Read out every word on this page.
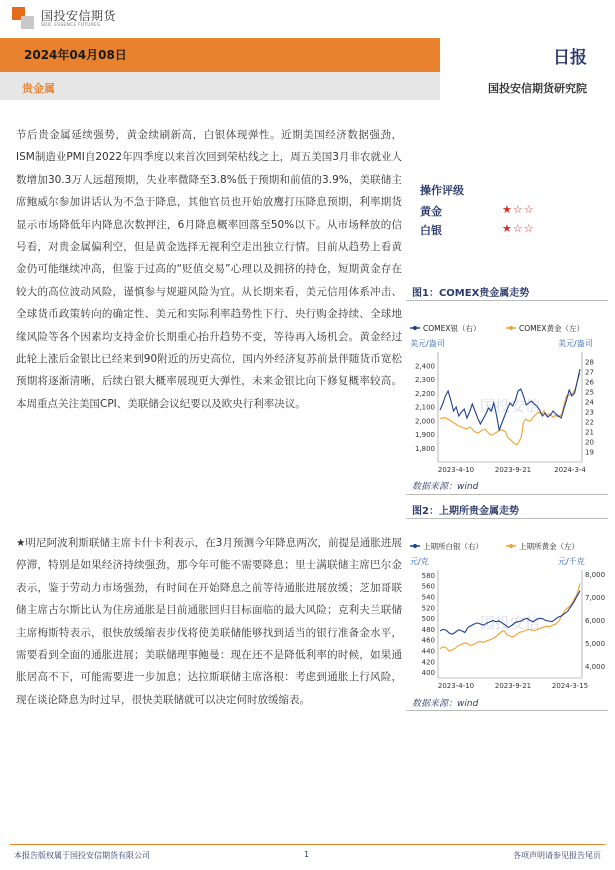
国投安信期货
SDIC ESSENCE FUTURES
2024年04月08日
贵金属
日报
国投安信期货研究院
节后贵金属延续强势，黄金续刷新高，白银体现弹性。近期美国经济数据强劲，ISM制造业PMI自2022年四季度以来首次回到荣枯线之上，周五美国3月非农就业人数增加30.3万人远超预期，失业率微降至3.8%低于预期和前值的3.9%，美联储主席鲍威尔参加讲话认为不急于降息，其他官员也开始放鹰打压降息预期，利率期货显示市场降低年内降息次数押注，6月降息概率回落至50%以下。从市场释放的信号看，对贵金属偏利空，但是黄金选择无视利空走出独立行情。目前从趋势上看黄金仍可能继续冲高，但鉴于过高的“贬值交易”心理以及拥挤的持仓，短期黄金存在较大的高位波动风险，谨慎参与规避风险为宜。从长期来看，美元信用体系冲击、全球货币政策转向的确定性、美元和实际利率趋势性下行、央行购金持续、全球地缘风险等各个因素均支持金价长期重心抬升趋势不变，等待再入场机会。黄金经过此轮上涨后金银比已经来到90附近的历史高位，国内外经济复苏前景伴随货币宽松预期将逐渐清晰，后续白银大概率展现更大弹性，未来金银比向下修复概率较高。本周重点关注美国CPI、美联储会议纪要以及欧央行利率决议。
★明尼阿波利斯联储主席卡什卡利表示，在3月预测今年降息两次，前提是通胀进展停滞，特别是如果经济持续强劲，那今年可能不需要降息；里士满联储主席巴尔金表示，鉴于劳动力市场强劲，有时间在开始降息之前等待通胀进展放缓；芝加哥联储主席古尔斯比认为住房通胀是目前通胀回归目标面临的最大风险；克利夫兰联储主席梅斯特表示，很快放缓缩表步伐将使美联储能够找到适当的银行准备金水平，需要看到全面的通胀进展；美联储理事鲍曼：现在还不是降低利率的时候，如果通胀居高不下，可能需要进一步加息；达拉斯联储主席洛根：考虑到通胀上行风险，现在谈论降息为时过早，很快美联储就可以决定何时放缓缩表。
操作评级
黄金	★☆☆
白银	★☆☆
图1：COMEX贵金属走势
COMEX银（右）	COMEX黄金（左）
美元/盎司	美元/盎司
1,800
1,900
2,000
2,100
2,200
2,300
2,400
19
20
21
22
23
24
25
26
27
28
2023-4-10	2023-9-21	2024-3-4
国投安信
数据来源：wind
图2：上期所贵金属走势
上期所白银（右）	上期所黄金（左）
元/克	元/千克
400
420
440
460
480
500
520
540
560
580
4,000
5,000
6,000
7,000
8,000
2023-4-10	2023-9-21	2024-3-15
国投安信
数据来源：wind
本报告版权属于国投安信期货有限公司	1	各项声明请参见报告尾页
